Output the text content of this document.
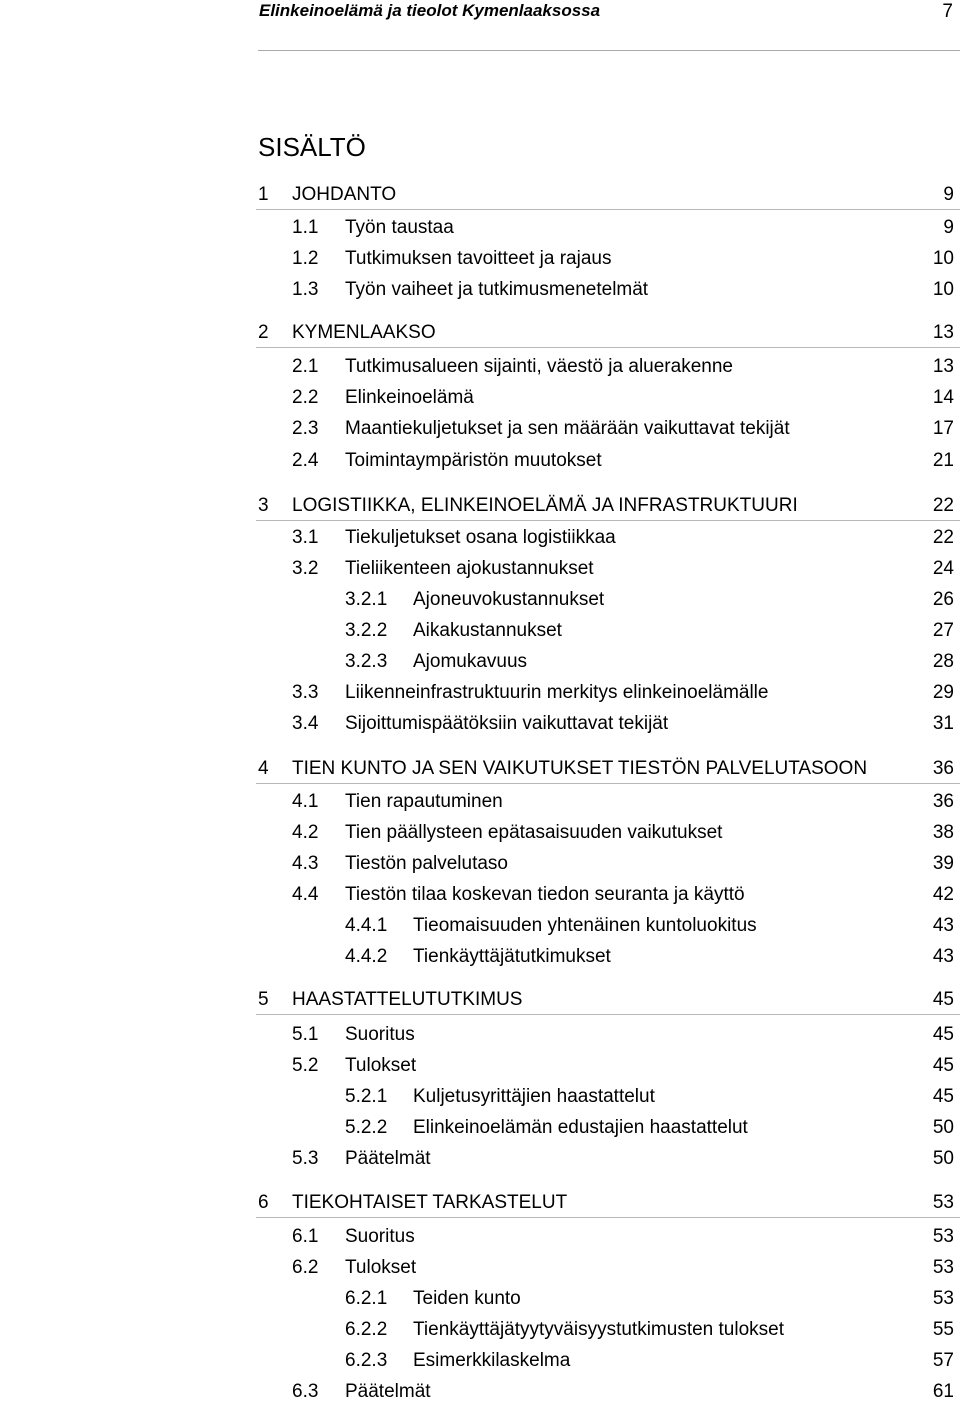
Elinkeinoelämä ja tieolot Kymenlaaksossa	7
SISÄLTÖ
1 JOHDANTO	9
1.1 Työn taustaa	9
1.2 Tutkimuksen tavoitteet ja rajaus	10
1.3 Työn vaiheet ja tutkimusmenetelmät	10
2 KYMENLAAKSO	13
2.1 Tutkimusalueen sijainti, väestö ja aluerakenne	13
2.2 Elinkeinoelämä	14
2.3 Maantiekuljetukset ja sen määrään vaikuttavat tekijät	17
2.4 Toimintaympäristön muutokset	21
3 LOGISTIIKKA, ELINKEINOELÄMÄ JA INFRASTRUKTUURI	22
3.1 Tiekuljetukset osana logistiikkaa	22
3.2 Tieliikenteen ajokustannukset	24
3.2.1 Ajoneuvokustannukset	26
3.2.2 Aikakustannukset	27
3.2.3 Ajomukavuus	28
3.3 Liikenneinfrastruktuurin merkitys elinkeinoelämälle	29
3.4 Sijoittumispäätöksiin vaikuttavat tekijät	31
4 TIEN KUNTO JA SEN VAIKUTUKSET TIESTÖN PALVELUTASOON	36
4.1 Tien rapautuminen	36
4.2 Tien päällysteen epätasaisuuden vaikutukset	38
4.3 Tiestön palvelutaso	39
4.4 Tiestön tilaa koskevan tiedon seuranta ja käyttö	42
4.4.1 Tieomaisuuden yhtenäinen kuntoluokitus	43
4.4.2 Tienkäyttäjätutkimukset	43
5 HAASTATTELUTUTKIMUS	45
5.1 Suoritus	45
5.2 Tulokset	45
5.2.1 Kuljetusyrittäjien haastattelut	45
5.2.2 Elinkeinoelämän edustajien haastattelut	50
5.3 Päätelmät	50
6 TIEKOHTAISET TARKASTELUT	53
6.1 Suoritus	53
6.2 Tulokset	53
6.2.1 Teiden kunto	53
6.2.2 Tienkäyttäjätyytyväisyystutkimusten tulokset	55
6.2.3 Esimerkkilaskelma	57
6.3 Päätelmät	61
